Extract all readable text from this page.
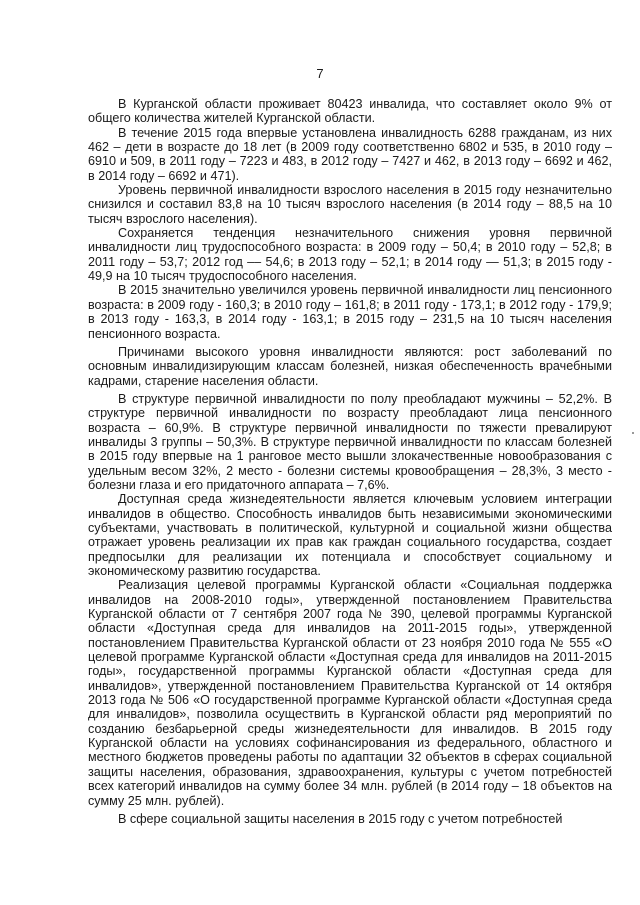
7

В Курганской области проживает 80423 инвалида, что составляет около 9% от общего количества жителей Курганской области.

В течение 2015 года впервые установлена инвалидность 6288 гражданам, из них 462 – дети в возрасте до 18 лет (в 2009 году соответственно 6802 и 535, в 2010 году – 6910 и 509, в 2011 году – 7223 и 483, в 2012 году – 7427 и 462, в 2013 году – 6692 и 462, в 2014 году – 6692 и 471).

Уровень первичной инвалидности взрослого населения в 2015 году незначительно снизился и составил 83,8 на 10 тысяч взрослого населения (в 2014 году – 88,5 на 10 тысяч взрослого населения).

Сохраняется тенденция незначительного снижения уровня первичной инвалидности лиц трудоспособного возраста: в 2009 году – 50,4; в 2010 году – 52,8; в 2011 году – 53,7; 2012 год –– 54,6; в 2013 году – 52,1; в 2014 году — 51,3; в 2015 году - 49,9 на 10 тысяч трудоспособного населения.

В 2015 значительно увеличился уровень первичной инвалидности лиц пенсионного возраста: в 2009 году - 160,3; в 2010 году – 161,8; в 2011 году - 173,1; в 2012 году - 179,9; в 2013 году - 163,3, в 2014 году - 163,1; в 2015 году – 231,5 на 10 тысяч населения пенсионного возраста.

Причинами высокого уровня инвалидности являются: рост заболеваний по основным инвалидизирующим классам болезней, низкая обеспеченность врачебными кадрами, старение населения области.

В структуре первичной инвалидности по полу преобладают мужчины – 52,2%. В структуре первичной инвалидности по возрасту преобладают лица пенсионного возраста – 60,9%. В структуре первичной инвалидности по тяжести превалируют инвалиды 3 группы – 50,3%. В структуре первичной инвалидности по классам болезней в 2015 году впервые на 1 ранговое место вышли злокачественные новообразования с удельным весом 32%, 2 место - болезни системы кровообращения – 28,3%, 3 место - болезни глаза и его придаточного аппарата – 7,6%.

Доступная среда жизнедеятельности является ключевым условием интеграции инвалидов в общество. Способность инвалидов быть независимыми экономическими субъектами, участвовать в политической, культурной и социальной жизни общества отражает уровень реализации их прав как граждан социального государства, создает предпосылки для реализации их потенциала и способствует социальному и экономическому развитию государства.

Реализация целевой программы Курганской области «Социальная поддержка инвалидов на 2008-2010 годы», утвержденной постановлением Правительства Курганской области от 7 сентября 2007 года № 390, целевой программы Курганской области «Доступная среда для инвалидов на 2011-2015 годы», утвержденной постановлением Правительства Курганской области от 23 ноября 2010 года № 555 «О целевой программе Курганской области «Доступная среда для инвалидов на 2011-2015 годы», государственной программы Курганской области «Доступная среда для инвалидов», утвержденной постановлением Правительства Курганской от 14 октября 2013 года № 506 «О государственной программе Курганской области «Доступная среда для инвалидов», позволила осуществить в Курганской области ряд мероприятий по созданию безбарьерной среды жизнедеятельности для инвалидов. В 2015 году Курганской области на условиях софинансирования из федерального, областного и местного бюджетов проведены работы по адаптации 32 объектов в сферах социальной защиты населения, образования, здравоохранения, культуры с учетом потребностей всех категорий инвалидов на сумму более 34 млн. рублей (в 2014 году – 18 объектов на сумму 25 млн. рублей).

В сфере социальной защиты населения в 2015 году с учетом потребностей
